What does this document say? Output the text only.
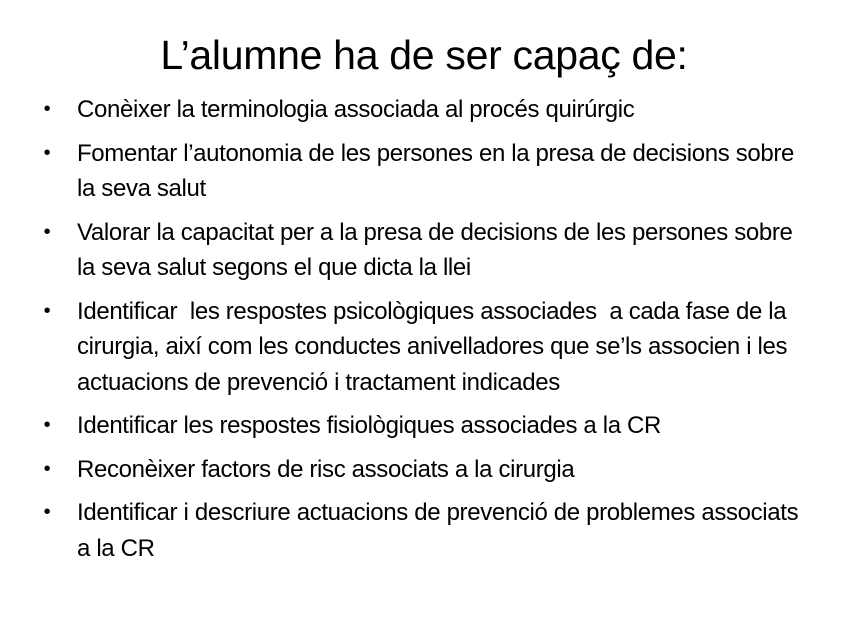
L’alumne ha de ser capaç de:
• Conèixer la terminologia associada al procés quirúrgic
• Fomentar l’autonomia de les persones en la presa de decisions sobre la seva salut
• Valorar la capacitat per a la presa de decisions de les persones sobre la seva salut segons el que dicta la llei
• Identificar  les respostes psicològiques associades  a cada fase de la cirurgia, així com les conductes anivelladores que se’ls associen i les actuacions de prevenció i tractament indicades
• Identificar les respostes fisiològiques associades a la CR
• Reconèixer factors de risc associats a la cirurgia
• Identificar i descriure actuacions de prevenció de problemes associats a la CR
